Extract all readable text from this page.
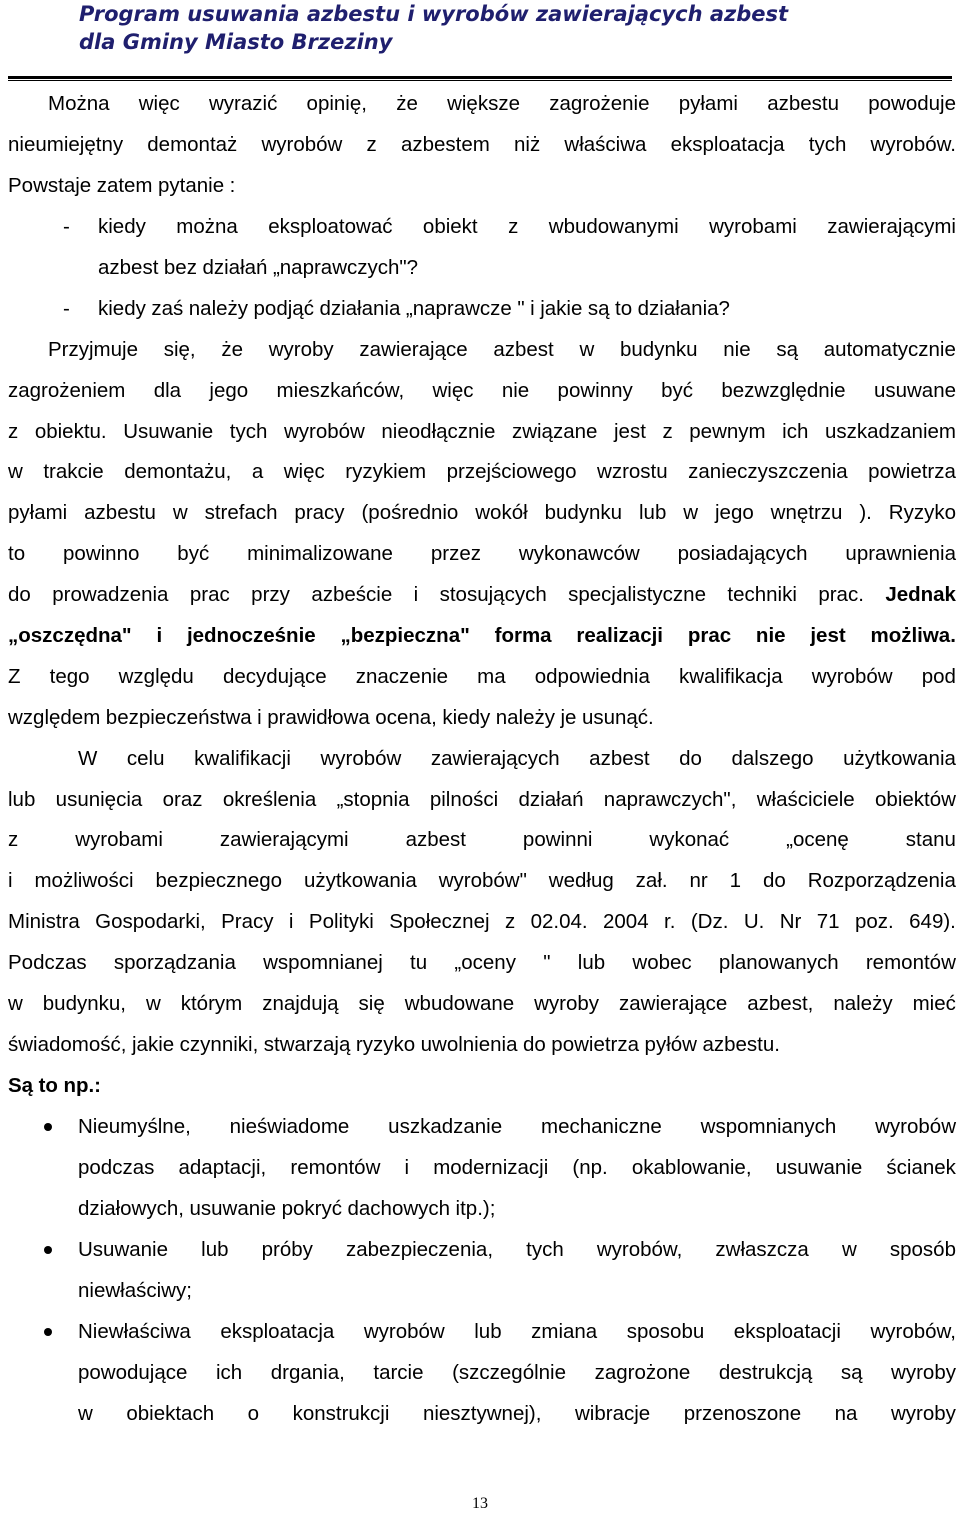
Program usuwania azbestu i wyrobów zawierających azbest
dla Gminy Miasto Brzeziny
Można więc wyrazić opinię, że większe zagrożenie pyłami azbestu powoduje
nieumiejętny demontaż wyrobów z azbestem niż właściwa eksploatacja tych wyrobów.
Powstaje zatem pytanie :
kiedy można eksploatować obiekt z wbudowanymi wyrobami zawierającymi
-
azbest bez działań „naprawczych"?
kiedy zaś należy podjąć działania „naprawcze " i jakie są to działania?
-
Przyjmuje się, że wyroby zawierające azbest w budynku nie są automatycznie
zagrożeniem dla jego mieszkańców, więc nie powinny być bezwzględnie usuwane
z obiektu. Usuwanie tych wyrobów nieodłącznie związane jest z pewnym ich uszkadzaniem
w trakcie demontażu, a więc ryzykiem przejściowego wzrostu zanieczyszczenia powietrza
pyłami azbestu w strefach pracy (pośrednio wokół budynku lub w jego wnętrzu ). Ryzyko
to powinno być minimalizowane przez wykonawców posiadających uprawnienia
do prowadzenia prac przy azbeście i stosujących specjalistyczne techniki prac. Jednak
„oszczędna" i jednocześnie „bezpieczna" forma realizacji prac nie jest możliwa.
Z tego względu decydujące znaczenie ma odpowiednia kwalifikacja wyrobów pod
względem bezpieczeństwa i prawidłowa ocena, kiedy należy je usunąć.
W celu kwalifikacji wyrobów zawierających azbest do dalszego użytkowania
lub usunięcia oraz określenia „stopnia pilności działań naprawczych", właściciele obiektów
z	wyrobami	zawierającymi	azbest	powinni	wykonać	„ocenę	stanu
i możliwości bezpiecznego użytkowania wyrobów" według zał. nr 1 do Rozporządzenia
Ministra Gospodarki, Pracy i Polityki Społecznej z 02.04. 2004 r. (Dz. U. Nr 71 poz. 649).
Podczas sporządzania wspomnianej tu „oceny " lub wobec planowanych remontów
w budynku, w którym znajdują się wbudowane wyroby zawierające azbest, należy mieć
świadomość, jakie czynniki, stwarzają ryzyko uwolnienia do powietrza pyłów azbestu.
Są to np.:
Nieumyślne, nieświadome uszkadzanie mechaniczne wspomnianych wyrobów
podczas adaptacji, remontów i modernizacji (np. okablowanie, usuwanie ścianek
działowych, usuwanie pokryć dachowych itp.);
Usuwanie lub próby zabezpieczenia, tych wyrobów, zwłaszcza w sposób
niewłaściwy;
Niewłaściwa eksploatacja wyrobów lub zmiana sposobu eksploatacji wyrobów,
powodujące ich drgania, tarcie (szczególnie zagrożone destrukcją są wyroby
w obiektach o konstrukcji niesztywnej), wibracje przenoszone na wyroby
13
